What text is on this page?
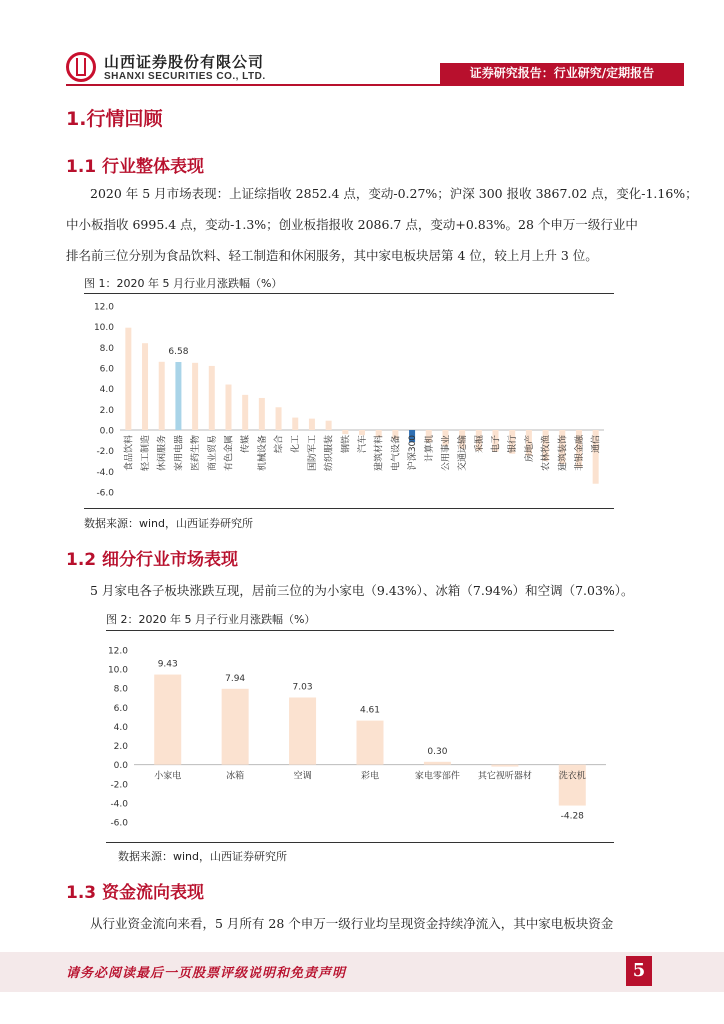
山西证券股份有限公司
SHANXI SECURITIES CO., LTD.	证券研究报告：行业研究/定期报告
1.行情回顾
1.1 行业整体表现
2020 年 5 月市场表现：上证综指收 2852.4 点，变动-0.27%；沪深 300 报收 3867.02 点，变化-1.16%；
中小板指收 6995.4 点，变动-1.3%；创业板指报收 2086.7 点，变动+0.83%。28 个申万一级行业中
排名前三位分别为食品饮料、轻工制造和休闲服务，其中家电板块居第 4 位，较上月上升 3 位。
图 1：2020 年 5 月行业月涨跌幅（%）
12.0
10.0
8.0
6.0
4.0
2.0
0.0
-2.0
-4.0
-6.0
食品饮料 轻工制造 休闲服务 家用电器
6.58
医药生物 商业贸易 有色金属 传媒 机械设备 综合 化工 国防军工 纺织服装 钢铁 汽车 建筑材料 电气设备 沪深300 计算机 公用事业 交通运输 采掘 电子 银行 房地产 农林牧渔 建筑装饰 非银金融 通信
数据来源：wind，山西证券研究所
1.2 细分行业市场表现
5 月家电各子板块涨跌互现，居前三位的为小家电（9.43%）、冰箱（7.94%）和空调（7.03%）。
图 2：2020 年 5 月子行业月涨跌幅（%）
12.0
10.0
8.0
6.0
4.0
2.0
0.0
-2.0
-4.0
-6.0
小家电
9.43
冰箱
7.94
空调
7.03
彩电
4.61
家电零部件
0.30
其它视听器材	洗衣机
-4.28
数据来源：wind，山西证券研究所
1.3 资金流向表现
从行业资金流向来看，5 月所有 28 个申万一级行业均呈现资金持续净流入，其中家电板块资金
请务必阅读最后一页股票评级说明和免责声明	5
